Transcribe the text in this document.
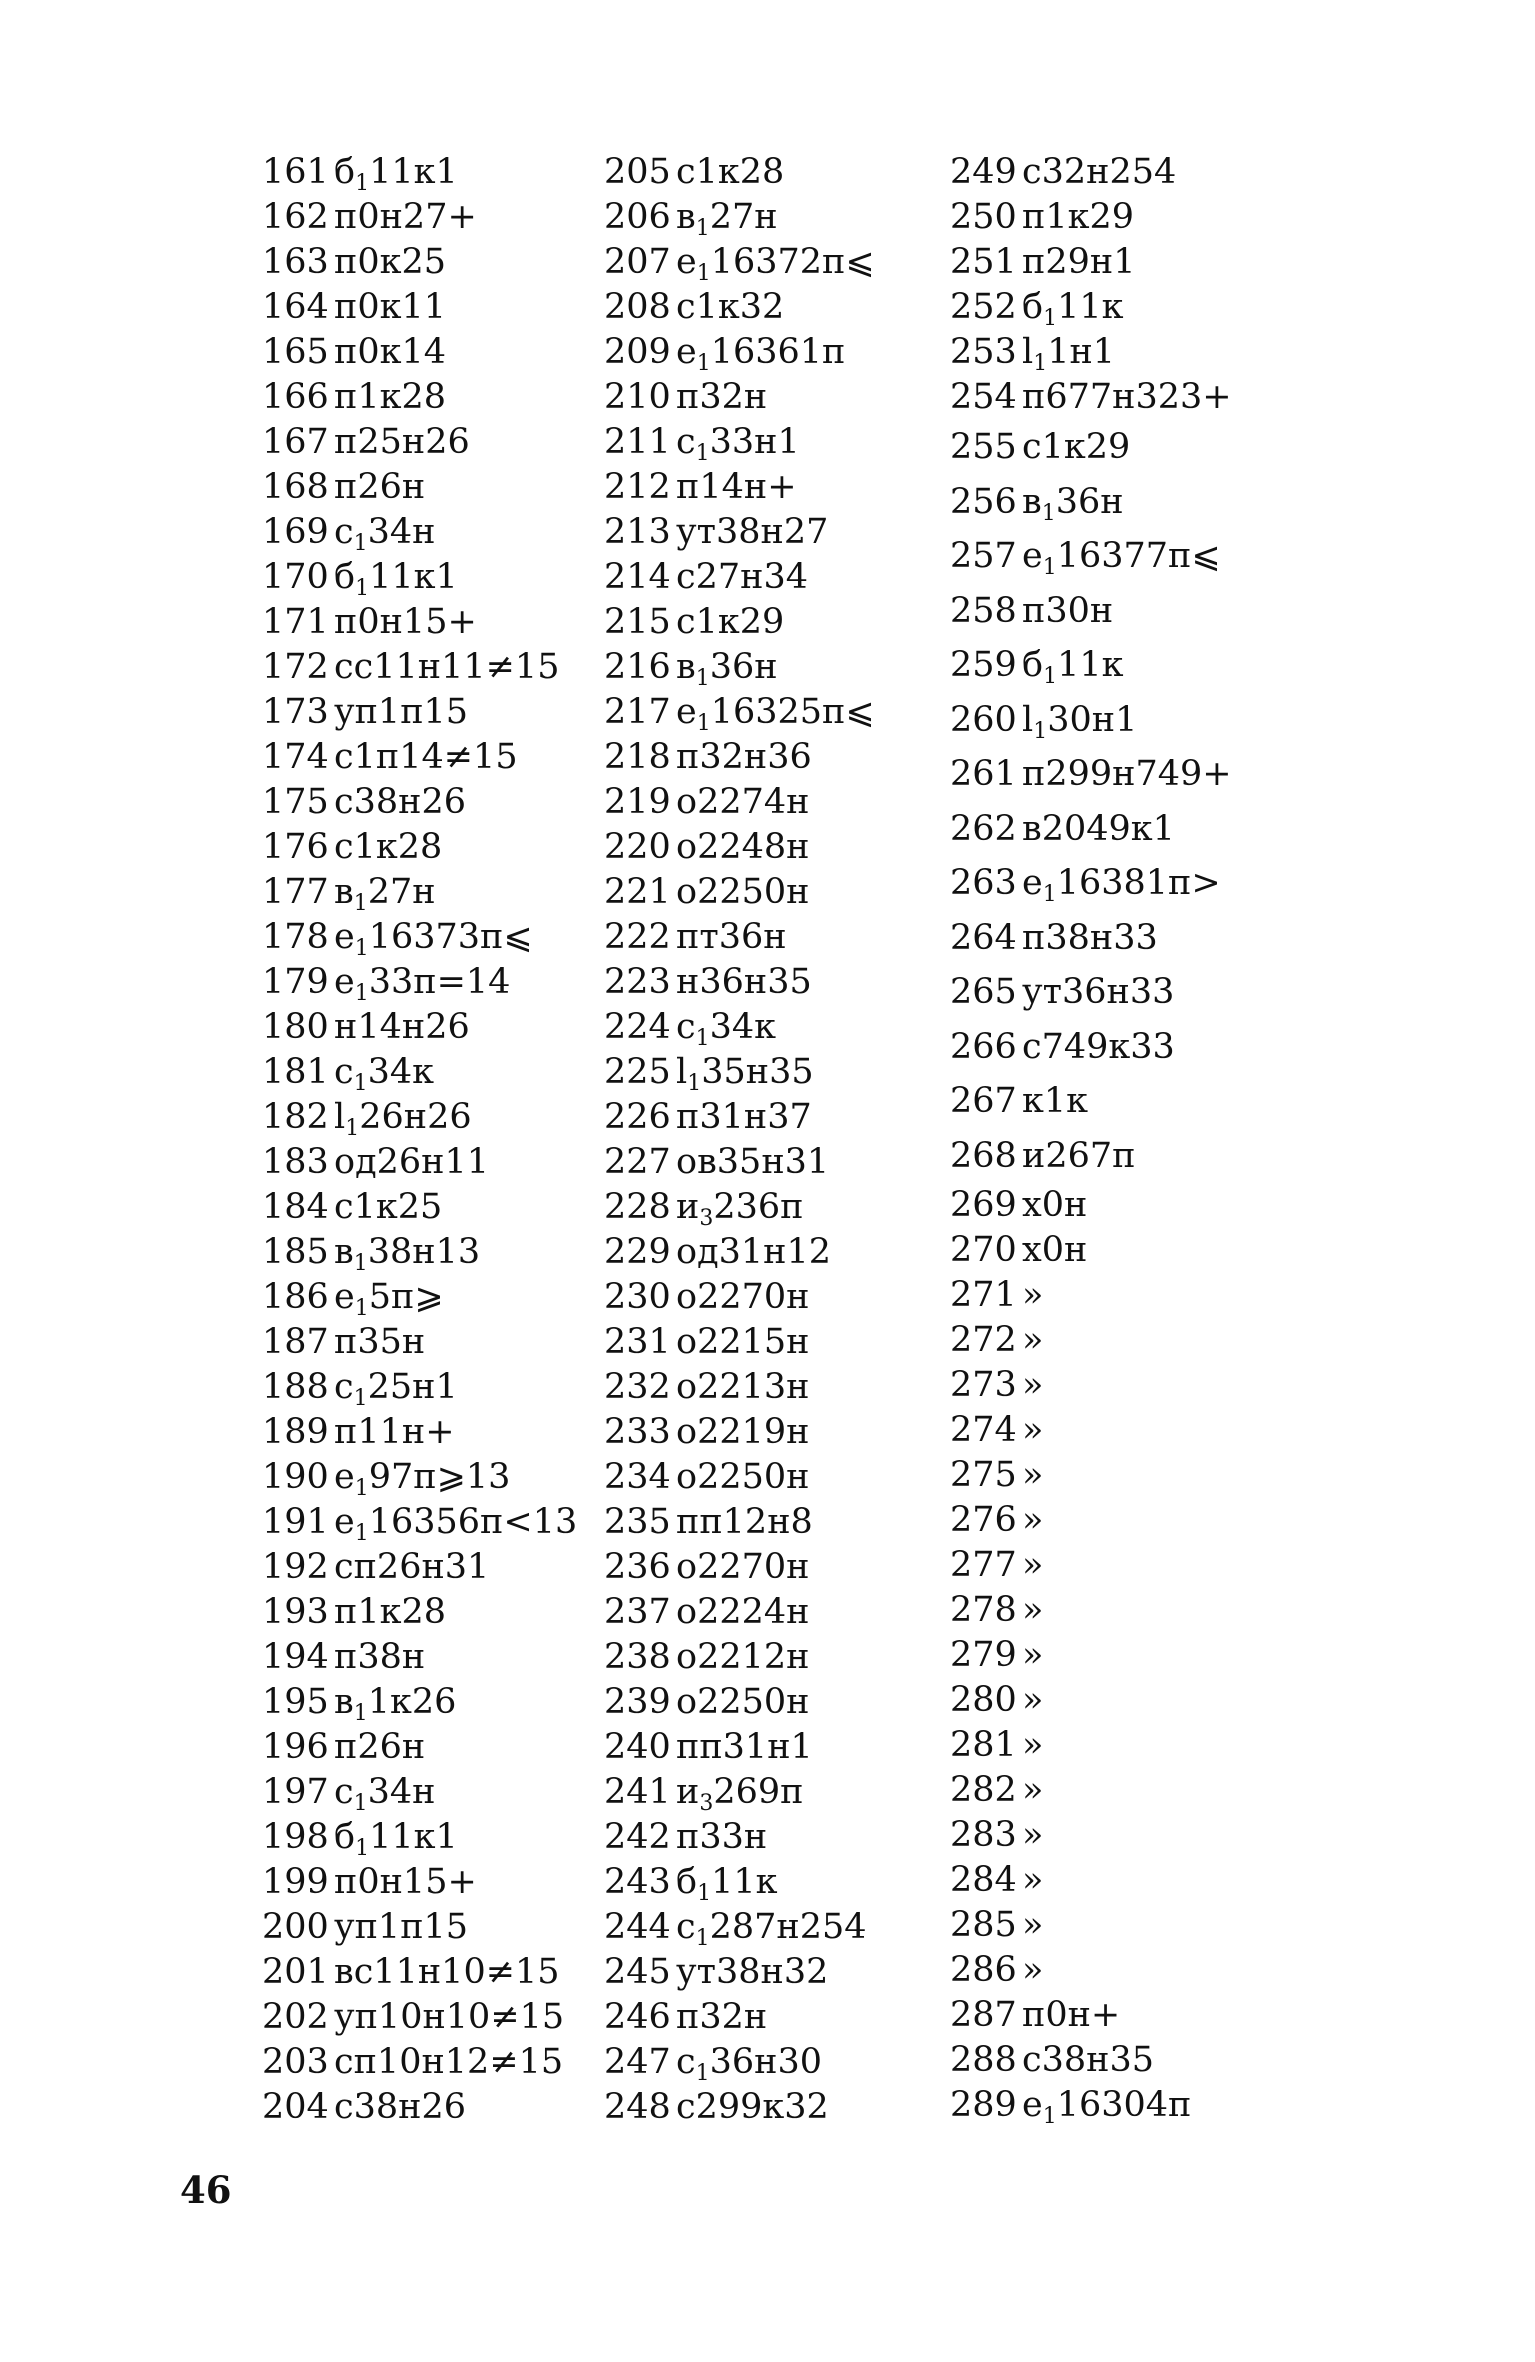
161 $б_111к1$
162 п0н27+
163 п0к25
164 п0к11
165 п0к14
166 п1к28
167 п25н26
168 п26н
169 $с_134н$
170 $б_111к1$
171 п0н15+
172 сс11н11≠15
173 уп1п15
174 с1п14≠15
175 с38н26
176 с1к28
177 $в_127н$
178 $е_116373п⩽$
179 $е_133п=14$
180 н14н26
181 $с_134к$
182 $l_126н26$
183 од26н11
184 с1к25
185 $в_138н13$
186 $е_15п⩾$
187 п35н
188 $с_125н1$
189 п11н+
190 $е_197п⩾13$
191 $е_116356п<13$
192 сп26н31
193 п1к28
194 п38н
195 $в_11к26$
196 п26н
197 $с_134н$
198 $б_111к1$
199 п0н15+
200 уп1п15
201 вс11н10≠15
202 уп10н10≠15
203 сп10н12≠15
204 с38н26
205 с1к28
206 $в_127н$
207 $е_116372п⩽$
208 с1к32
209 $е_116361п$
210 п32н
211 $с_133н1$
212 п14н+
213 ут38н27
214 с27н34
215 с1к29
216 $в_136н$
217 $е_116325п⩽$
218 п32н36
219 о2274н
220 о2248н
221 о2250н
222 пт36н
223 н36н35
224 $с_134к$
225 $l_135н35$
226 п31н37
227 ов35н31
228 $и_3236п$
229 од31н12
230 о2270н
231 о2215н
232 о2213н
233 о2219н
234 о2250н
235 пп12н8
236 о2270н
237 о2224н
238 о2212н
239 о2250н
240 пп31н1
241 $и_3269п$
242 п33н
243 $б_111к$
244 $с_1287н254$
245 ут38н32
246 п32н
247 $с_136н30$
248 с299к32
249 с32н254
250 п1к29
251 п29н1
252 $б_111к$
253 $l_11н1$
254 п677н323+
255 с1к29
256 $в_136н$
257 $е_116377п⩽$
258 п30н
259 $б_111к$
260 $l_130н1$
261 п299н749+
262 в2049к1
263 $е_116381п>$
264 п38н33
265 ут36н33
266 с749к33
267 к1к
268 и267п
269 х0н
270 х0н
271»
272»
273»
274»
275»
276»
277»
278»
279»
280»
281»
282»
283»
284»
285»
286»
287 п0н+
288 с38н35
289 $е_116304п$
46
